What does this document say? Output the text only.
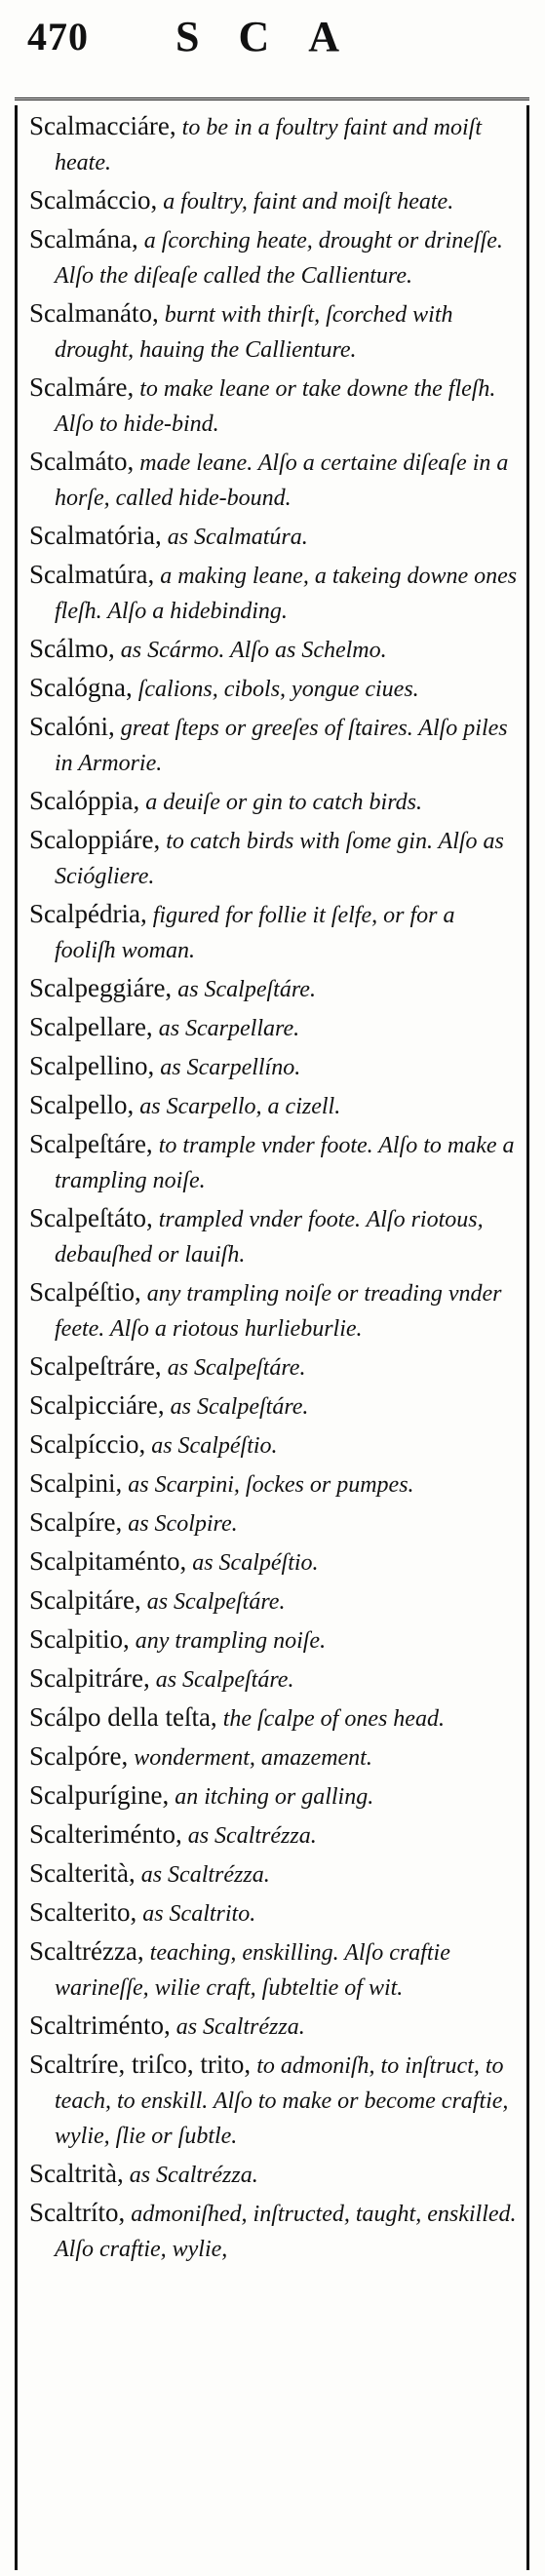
470 SCA

Scalmacciáre, to be in a foultry faint and moiſt heate.

Scalmáccio, a foultry, faint and moiſt heate.

Scalmána, a ſcorching heate, drought or drineſſe. Alſo the diſeaſe called the Callienture.

Scalmanáto, burnt with thirſt, ſcorched with drought, hauing the Callienture.

Scalmáre, to make leane or take downe the fleſh. Alſo to hide-bind.

Scalmáto, made leane. Alſo a certaine diſeaſe in a horſe, called hide-bound.

Scalmatória, as Scalmatúra.

Scalmatúra, a making leane, a takeing downe ones fleſh. Alſo a hidebinding.

Scálmo, as Scármo. Alſo as Schelmo.

Scalógna, ſcalions, cibols, yongue ciues.

Scalóni, great ſteps or greeſes of ſtaires. Alſo piles in Armorie.

Scalóppia, a deuiſe or gin to catch birds.

Scaloppiáre, to catch birds with ſome gin. Alſo as Sciógliere.

Scalpédria, figured for follie it ſelfe, or for a fooliſh woman.

Scalpeggiáre, as Scalpeſtáre.

Scalpellare, as Scarpellare.

Scalpellino, as Scarpellíno.

Scalpello, as Scarpello, a cizell.

Scalpeſtáre, to trample vnder foote. Alſo to make a trampling noiſe.

Scalpeſtáto, trampled vnder foote. Alſo riotous, debauſhed or lauiſh.

Scalpéſtio, any trampling noiſe or treading vnder feete. Alſo a riotous hurlieburlie.

Scalpeſtráre, as Scalpeſtáre.

Scalpicciáre, as Scalpeſtáre.

Scalpíccio, as Scalpéſtio.

Scalpini, as Scarpini, ſockes or pumpes.

Scalpíre, as Scolpire.

Scalpitaménto, as Scalpéſtio.

Scalpitáre, as Scalpeſtáre.

Scalpitio, any trampling noiſe.

Scalpitráre, as Scalpeſtáre.

Scálpo della teſta, the ſcalpe of ones head.

Scalpóre, wonderment, amazement.

Scalpurígine, an itching or galling.

Scalteriménto, as Scaltrézza.

Scalterità, as Scaltrézza.

Scalterito, as Scaltrito.

Scaltrézza, teaching, enskilling. Alſo craftie warineſſe, wilie craft, ſubteltie of wit.

Scaltriménto, as Scaltrézza.

Scaltríre, triſco, trito, to admoniſh, to inſtruct, to teach, to enskill. Alſo to make or become craftie, wylie, ſlie or ſubtle.

Scaltrità, as Scaltrézza.

Scaltríto, admoniſhed, inſtructed, taught, enskilled. Alſo craftie, wylie,
